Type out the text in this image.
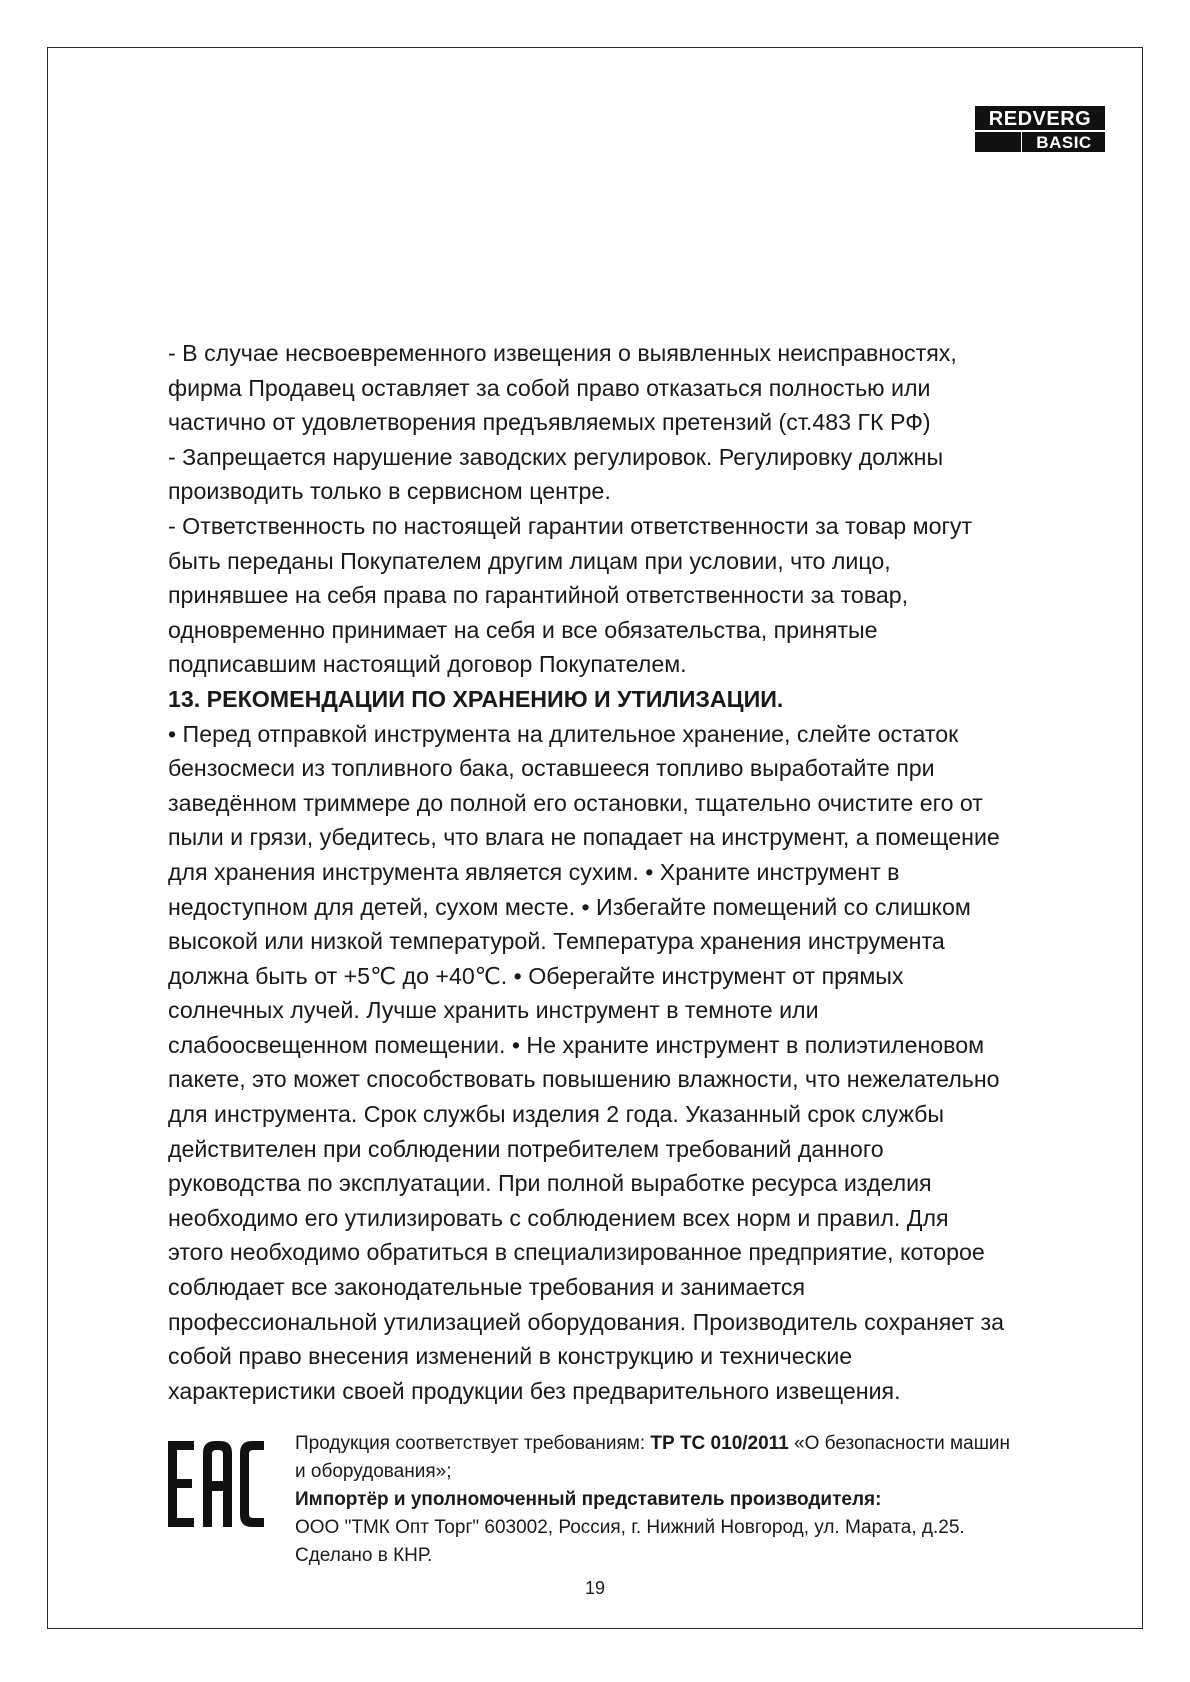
REDVERG
BASIC

- В случае несвоевременного извещения о выявленных неисправностях,

фирма Продавец оставляет за собой право отказаться полностью или

частично от удовлетворения предъявляемых претензий (ст.483 ГК РФ)

- Запрещается нарушение заводских регулировок. Регулировку должны

производить только в сервисном центре.

- Ответственность по настоящей гарантии ответственности за товар могут

быть переданы Покупателем другим лицам при условии, что лицо,

принявшее на себя права по гарантийной ответственности за товар,

одновременно принимает на себя и все обязательства, принятые

подписавшим настоящий договор Покупателем.

13. РЕКОМЕНДАЦИИ ПО ХРАНЕНИЮ И УТИЛИЗАЦИИ.

• Перед отправкой инструмента на длительное хранение, слейте остаток

бензосмеси из топливного бака, оставшееся топливо выработайте при

заведённом триммере до полной его остановки, тщательно очистите его от

пыли и грязи, убедитесь, что влага не попадает на инструмент, а помещение

для хранения инструмента является сухим. • Храните инструмент в

недоступном для детей, сухом месте. • Избегайте помещений со слишком

высокой или низкой температурой. Температура хранения инструмента

должна быть от +5℃ до +40℃. • Оберегайте инструмент от прямых

солнечных лучей. Лучше хранить инструмент в темноте или

слабоосвещенном помещении. • Не храните инструмент в полиэтиленовом

пакете, это может способствовать повышению влажности, что нежелательно

для инструмента. Срок службы изделия 2 года. Указанный срок службы

действителен при соблюдении потребителем требований данного

руководства по эксплуатации. При полной выработке ресурса изделия

необходимо его утилизировать с соблюдением всех норм и правил. Для

этого необходимо обратиться в специализированное предприятие, которое

соблюдает все законодательные требования и занимается

профессиональной утилизацией оборудования. Производитель сохраняет за

собой право внесения изменений в конструкцию и технические

характеристики своей продукции без предварительного извещения.

Продукция соответствует требованиям: ТР ТС 010/2011 «О безопасности машин

и оборудования»;

Импортёр и уполномоченный представитель производителя:

ООО "ТМК Опт Торг" 603002, Россия, г. Нижний Новгород, ул. Марата, д.25.

Сделано в КНР.

19
